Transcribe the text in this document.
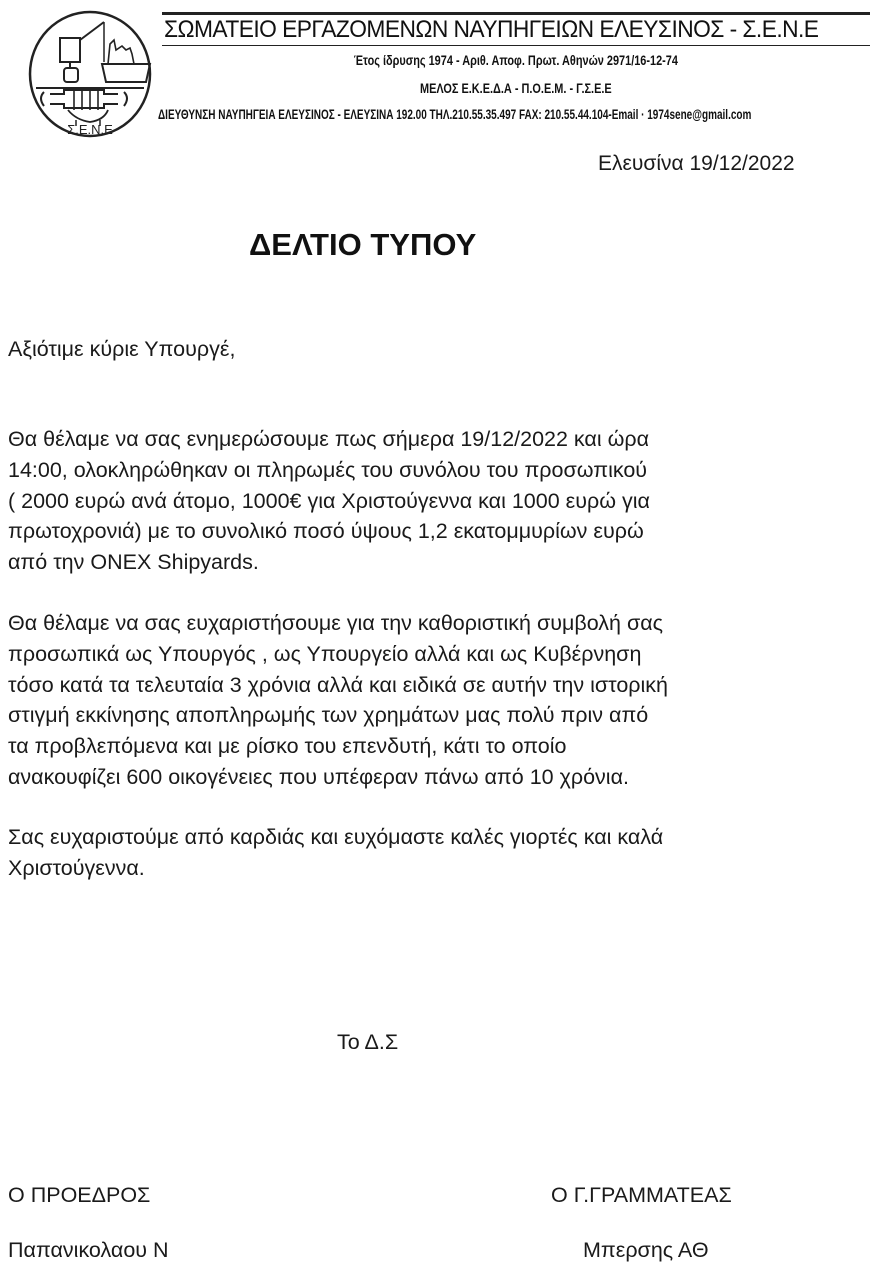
Σ.Ε.Ν.Ε
ΣΩΜΑΤΕΙΟ ΕΡΓΑΖΟΜΕΝΩΝ ΝΑΥΠΗΓΕΙΩΝ ΕΛΕΥΣΙΝΟΣ - Σ.Ε.Ν.Ε
Έτος ίδρυσης 1974 - Αριθ. Αποφ. Πρωτ. Αθηνών 2971/16-12-74
ΜΕΛΟΣ Ε.Κ.Ε.Δ.Α - Π.Ο.Ε.Μ. - Γ.Σ.Ε.Ε
ΔΙΕΥΘΥΝΣΗ ΝΑΥΠΗΓΕΙΑ ΕΛΕΥΣΙΝΟΣ - ΕΛΕΥΣΙΝΑ 192.00 ΤΗΛ.210.55.35.497 FAX: 210.55.44.104-Email · 1974sene@gmail.com
Ελευσίνα 19/12/2022
ΔΕΛΤΙΟ ΤΥΠΟΥ
Αξιότιμε κύριε Υπουργέ,
Θα θέλαμε να σας ενημερώσουμε πως σήμερα 19/12/2022 και ώρα
14:00, ολοκληρώθηκαν οι πληρωμές του συνόλου του προσωπικού
( 2000 ευρώ ανά άτομο, 1000€ για Χριστούγεννα και 1000 ευρώ για
πρωτοχρονιά) με το συνολικό ποσό ύψους 1,2 εκατομμυρίων ευρώ
από την ONEX Shipyards.
Θα θέλαμε να σας ευχαριστήσουμε για την καθοριστική συμβολή σας
προσωπικά ως Υπουργός , ως Υπουργείο αλλά και ως Κυβέρνηση
τόσο κατά τα τελευταία 3 χρόνια αλλά και ειδικά σε αυτήν την ιστορική
στιγμή εκκίνησης αποπληρωμής των χρημάτων μας πολύ πριν από
τα προβλεπόμενα και με ρίσκο του επενδυτή, κάτι το οποίο
ανακουφίζει 600 οικογένειες που υπέφεραν πάνω από 10 χρόνια.
Σας ευχαριστούμε από καρδιάς και ευχόμαστε καλές γιορτές και καλά
Χριστούγεννα.
Το Δ.Σ
Ο ΠΡΟΕΔΡΟΣ	Ο Γ.ΓΡΑΜΜΑΤΕΑΣ
Παπανικολαου Ν	Μπερσης ΑΘ
